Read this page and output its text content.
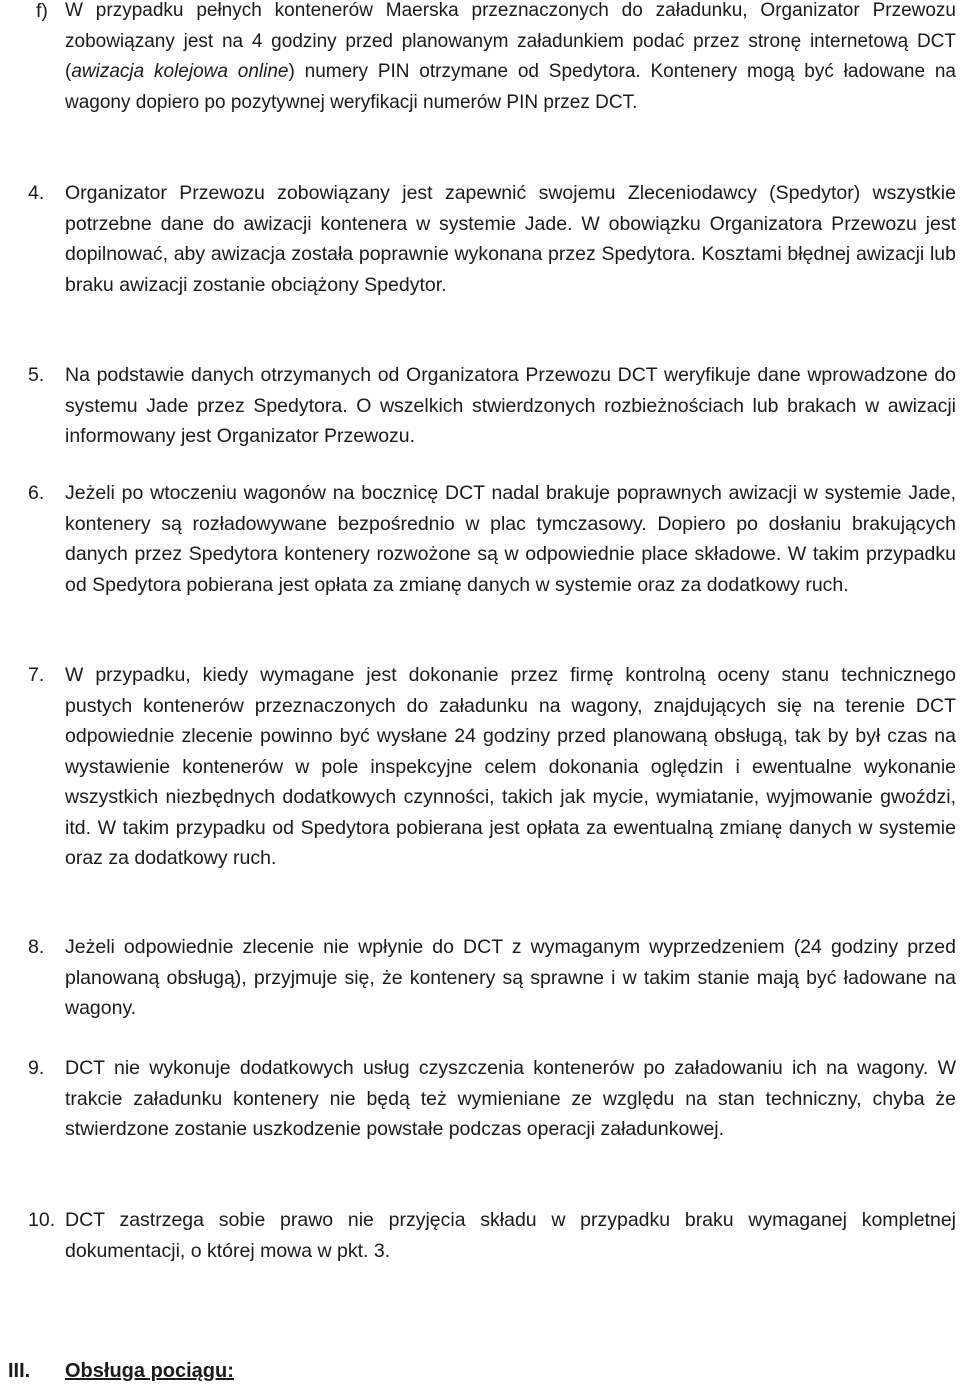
f) W przypadku pełnych kontenerów Maerska przeznaczonych do załadunku, Organizator Przewozu zobowiązany jest na 4 godziny przed planowanym załadunkiem podać przez stronę internetową DCT (awizacja kolejowa online) numery PIN otrzymane od Spedytora. Kontenery mogą być ładowane na wagony dopiero po pozytywnej weryfikacji numerów PIN przez DCT.
4.	Organizator Przewozu zobowiązany jest zapewnić swojemu Zleceniodawcy (Spedytor) wszystkie potrzebne dane do awizacji kontenera w systemie Jade. W obowiązku Organizatora Przewozu jest dopilnować, aby awizacja została poprawnie wykonana przez Spedytora. Kosztami błędnej awizacji lub braku awizacji zostanie obciążony Spedytor.
5.	Na podstawie danych otrzymanych od Organizatora Przewozu DCT weryfikuje dane wprowadzone do systemu Jade przez Spedytora. O wszelkich stwierdzonych rozbieżnościach lub brakach w awizacji informowany jest Organizator Przewozu.
6.	Jeżeli po wtoczeniu wagonów na bocznicę DCT nadal brakuje poprawnych awizacji w systemie Jade, kontenery są rozładowywane bezpośrednio w plac tymczasowy. Dopiero po dosłaniu brakujących danych przez Spedytora kontenery rozwożone są w odpowiednie place składowe. W takim przypadku od Spedytora pobierana jest opłata za zmianę danych w systemie oraz za dodatkowy ruch.
7.	W przypadku, kiedy wymagane jest dokonanie przez firmę kontrolną oceny stanu technicznego pustych kontenerów przeznaczonych do załadunku na wagony, znajdujących się na terenie DCT odpowiednie zlecenie powinno być wysłane 24 godziny przed planowaną obsługą, tak by był czas na wystawienie kontenerów w pole inspekcyjne celem dokonania oględzin i ewentualne wykonanie wszystkich niezbędnych dodatkowych czynności, takich jak mycie, wymiatanie, wyjmowanie gwoździ, itd. W takim przypadku od Spedytora pobierana jest opłata za ewentualną zmianę danych w systemie oraz za dodatkowy ruch.
8.	Jeżeli odpowiednie zlecenie nie wpłynie do DCT z wymaganym wyprzedzeniem (24 godziny przed planowaną obsługą), przyjmuje się, że kontenery są sprawne i w takim stanie mają być ładowane na wagony.
9.	DCT nie wykonuje dodatkowych usług czyszczenia kontenerów po załadowaniu ich na wagony. W trakcie załadunku kontenery nie będą też wymieniane ze względu na stan techniczny, chyba że stwierdzone zostanie uszkodzenie powstałe podczas operacji załadunkowej.
10. DCT zastrzega sobie prawo nie przyjęcia składu w przypadku braku wymaganej kompletnej dokumentacji, o której mowa w pkt. 3.
III. Obsługa pociągu:
